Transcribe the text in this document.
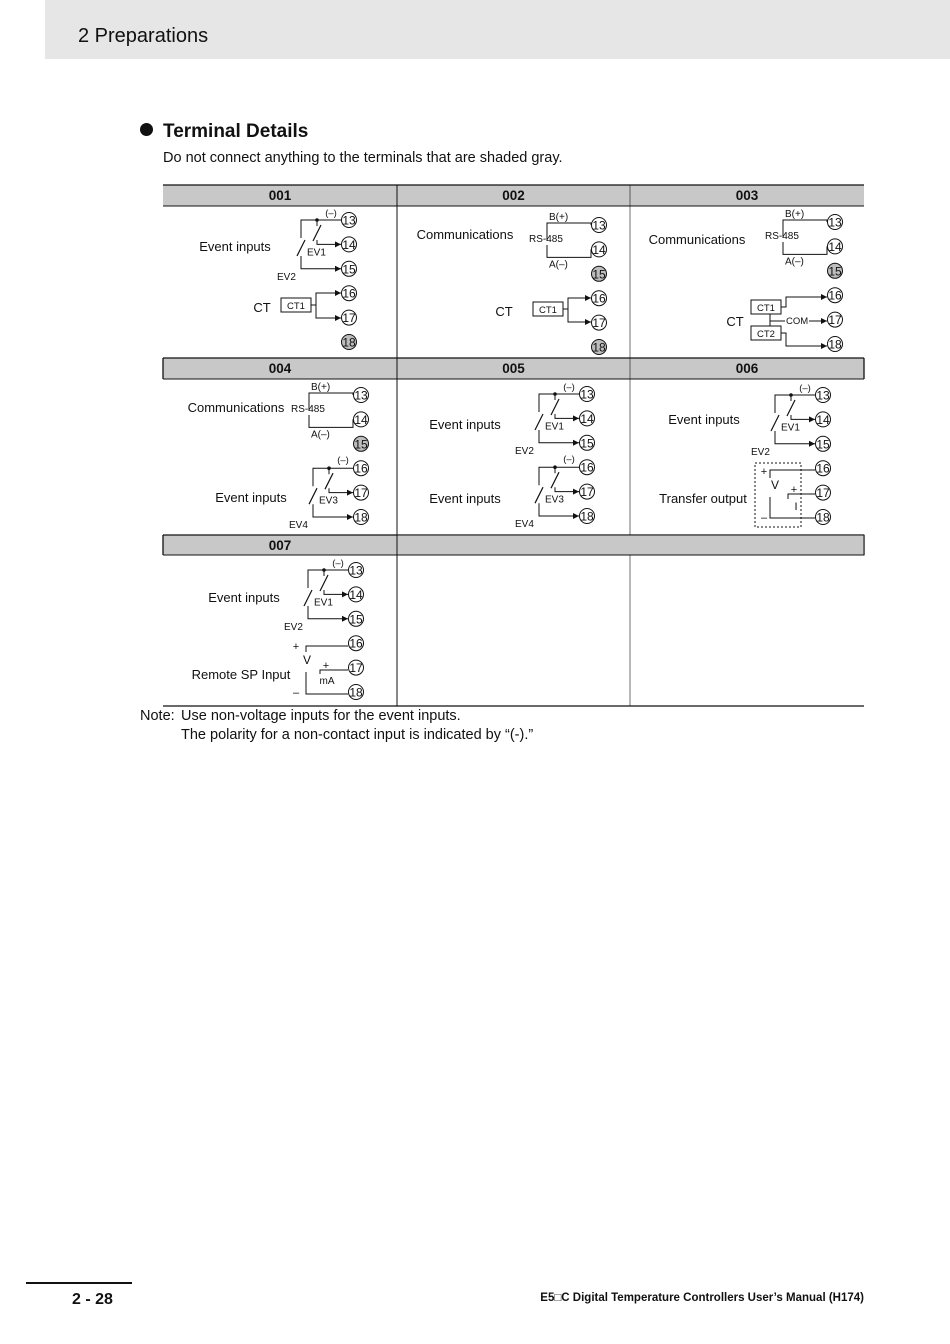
2 Preparations
Terminal Details
Do not connect anything to the terminals that are shaded gray.
001	002	003
004	005	006
007
13
14
15
16
17
18
Event inputs
(–)
EV1
EV2
CT CT1
13
14
15
16
17
18
Communications
B(+)
RS-485
A(–)
CT	CT1
13
14
15
16
17
18
Communications
B(+)
RS-485
A(–)
CT
CT1
CT2
COM
13
14
15
16
17
18
Communications
B(+)
RS-485
A(–)
Event inputs
(–)
EV3
EV4
13
14
15
16
17
18
Event inputs
(–)
EV1
EV2
Event inputs
(–)
EV3
EV4
13
14
15
16
17
18
Event inputs
(–)
EV1
EV2
Transfer output
+
V
–
+
I
13
14
15
16
17
18
Event inputs
(–)
EV1
EV2
Remote SP Input
+
V
–
+
mA
Note: Use non-voltage inputs for the event inputs.
The polarity for a non-contact input is indicated by “(-).”
2 - 28	E5□C Digital Temperature Controllers User’s Manual (H174)
